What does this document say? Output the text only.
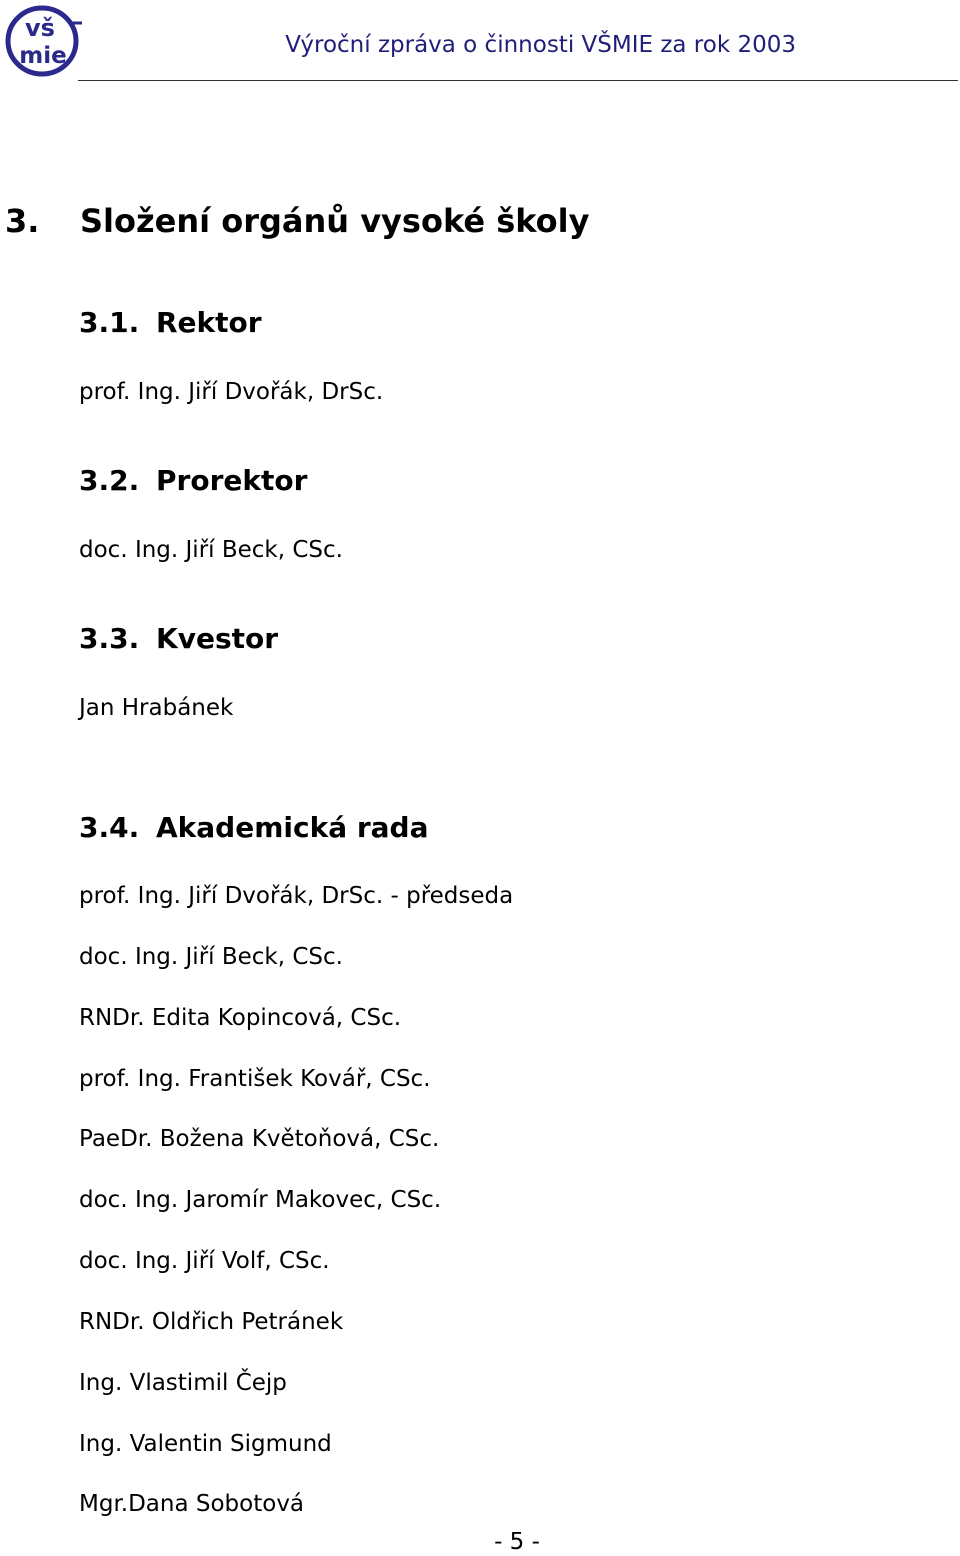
vš
mie	Výroční zpráva o činnosti VŠMIE za rok 2003
3. Složení orgánů vysoké školy
3.1. Rektor
prof. Ing. Jiří Dvořák, DrSc.
3.2. Prorektor
doc. Ing. Jiří Beck, CSc.
3.3. Kvestor
Jan Hrabánek
3.4. Akademická rada
prof. Ing. Jiří Dvořák, DrSc. - předseda
doc. Ing. Jiří Beck, CSc.
RNDr. Edita Kopincová, CSc.
prof. Ing. František Kovář, CSc.
PaeDr. Božena Květoňová, CSc.
doc. Ing. Jaromír Makovec, CSc.
doc. Ing. Jiří Volf, CSc.
RNDr. Oldřich Petránek
Ing. Vlastimil Čejp
Ing. Valentin Sigmund
Mgr.Dana Sobotová
- 5 -
